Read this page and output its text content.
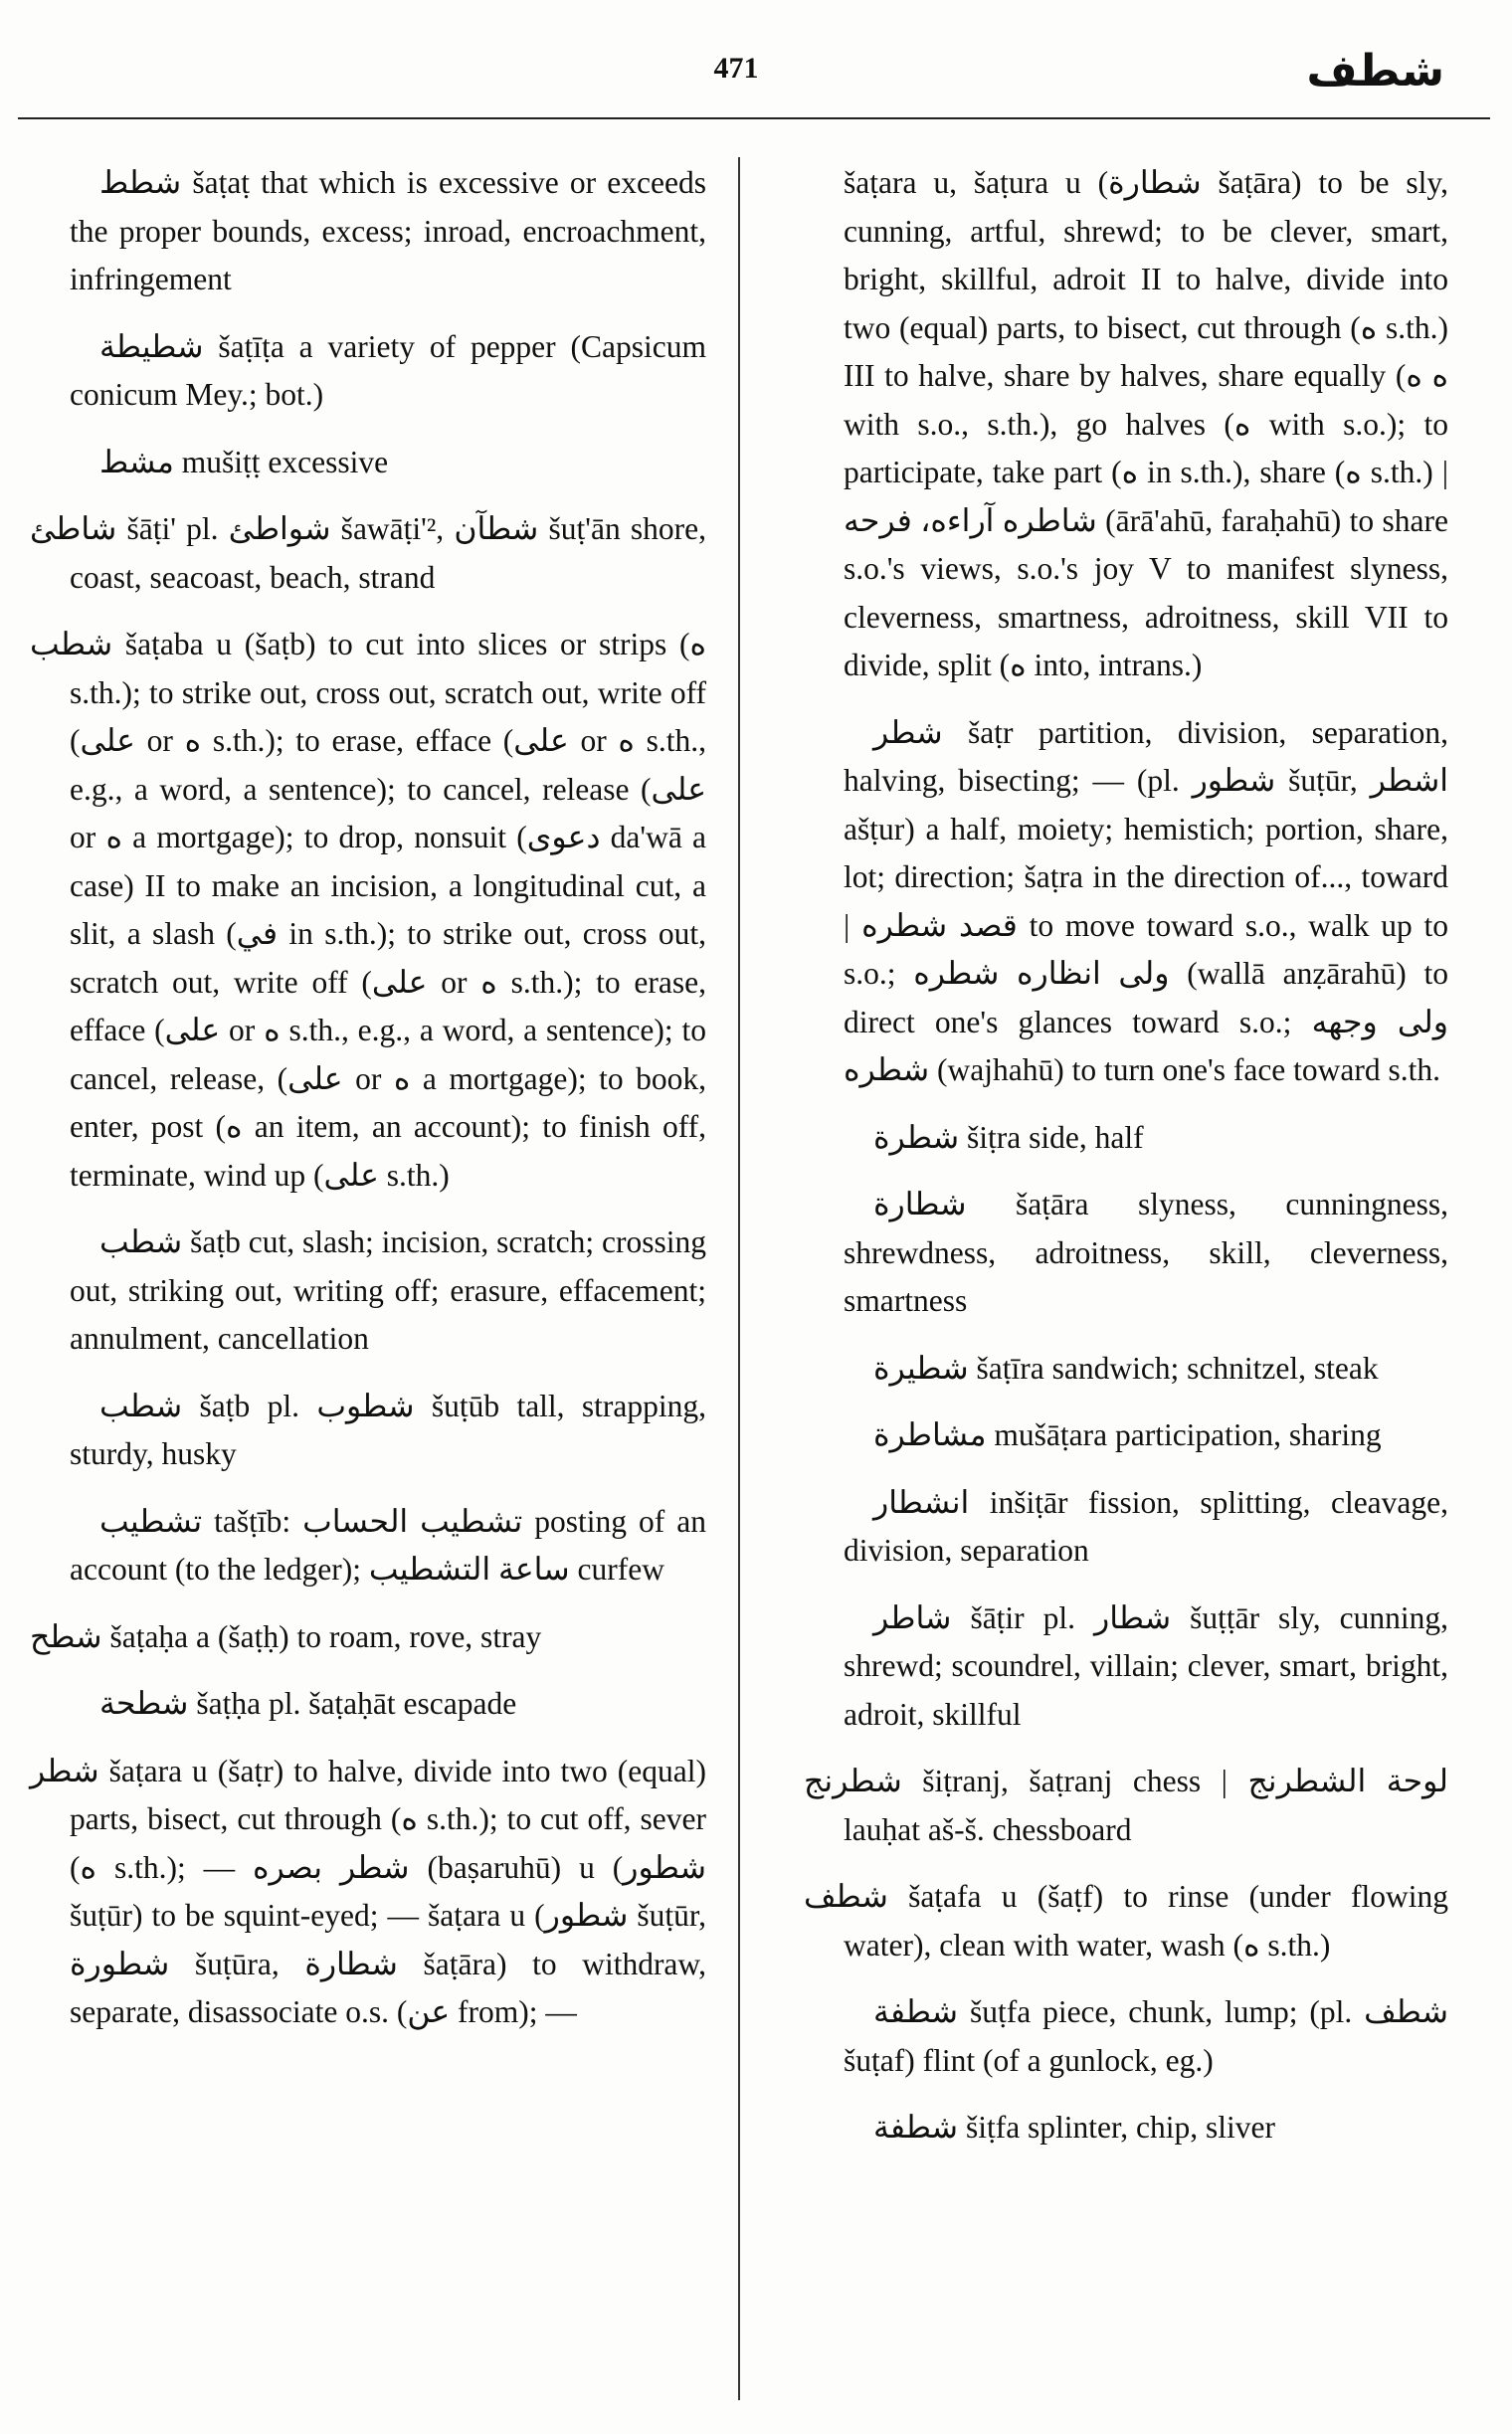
471	شطف

شطط šaṭaṭ that which is excessive or exceeds the proper bounds, excess; inroad, encroachment, infringement

شطيطة šaṭīṭa a variety of pepper (Capsicum conicum Mey.; bot.)

مشط mušiṭṭ excessive

شاطئ šāṭi' pl. شواطئ šawāṭi'², شطآن šuṭ'ān shore, coast, seacoast, beach, strand

شطب šaṭaba u (šaṭb) to cut into slices or strips (ه s.th.); to strike out, cross out, scratch out, write off (على or ه s.th.); to erase, efface (على or ه s.th., e.g., a word, a sentence); to cancel, release (على or ه a mortgage); to drop, nonsuit (دعوى da'wā a case) II to make an incision, a longitudinal cut, a slit, a slash (في in s.th.); to strike out, cross out, scratch out, write off (على or ه s.th.); to erase, efface (على or ه s.th., e.g., a word, a sentence); to cancel, release, (على or ه a mortgage); to book, enter, post (ه an item, an account); to finish off, terminate, wind up (على s.th.)

شطب šaṭb cut, slash; incision, scratch; crossing out, striking out, writing off; erasure, effacement; annulment, cancellation

شطب šaṭb pl. شطوب šuṭūb tall, strapping, sturdy, husky

تشطيب tašṭīb: تشطيب الحساب posting of an account (to the ledger); ساعة التشطيب curfew

شطح šaṭaḥa a (šaṭḥ) to roam, rove, stray

شطحة šaṭḥa pl. šaṭaḥāt escapade

شطر šaṭara u (šaṭr) to halve, divide into two (equal) parts, bisect, cut through (ه s.th.); to cut off, sever (ه s.th.); — شطر بصره (baṣaruhū) u (شطور šuṭūr) to be squint-eyed; — šaṭara u (شطور šuṭūr, شطورة šuṭūra, شطارة šaṭāra) to withdraw, separate, disassociate o.s. (عن from); —

šaṭara u, šaṭura u (شطارة šaṭāra) to be sly, cunning, artful, shrewd; to be clever, smart, bright, skillful, adroit II to halve, divide into two (equal) parts, to bisect, cut through (ه s.th.) III to halve, share by halves, share equally (ه ه with s.o., s.th.), go halves (ه with s.o.); to participate, take part (ه in s.th.), share (ه s.th.) | شاطره آراءه، فرحه (ārā'ahū, faraḥahū) to share s.o.'s views, s.o.'s joy V to manifest slyness, cleverness, smartness, adroitness, skill VII to divide, split (ه into, intrans.)

شطر šaṭr partition, division, separation, halving, bisecting; — (pl. شطور šuṭūr, اشطر ašṭur) a half, moiety; hemistich; portion, share, lot; direction; šaṭra in the direction of..., toward | قصد شطره to move toward s.o., walk up to s.o.; ولى انظاره شطره (wallā anẓārahū) to direct one's glances toward s.o.; ولى وجهه شطره (wajhahū) to turn one's face toward s.th.

شطرة šiṭra side, half

شطارة šaṭāra slyness, cunningness, shrewdness, adroitness, skill, cleverness, smartness

شطيرة šaṭīra sandwich; schnitzel, steak

مشاطرة mušāṭara participation, sharing

انشطار inšiṭār fission, splitting, cleavage, division, separation

شاطر šāṭir pl. شطار šuṭṭār sly, cunning, shrewd; scoundrel, villain; clever, smart, bright, adroit, skillful

شطرنج šiṭranj, šaṭranj chess | لوحة الشطرنج lauḥat aš-š. chessboard

شطف šaṭafa u (šaṭf) to rinse (under flowing water), clean with water, wash (ه s.th.)

شطفة šuṭfa piece, chunk, lump; (pl. شطف šuṭaf) flint (of a gunlock, eg.)

شطفة šiṭfa splinter, chip, sliver
